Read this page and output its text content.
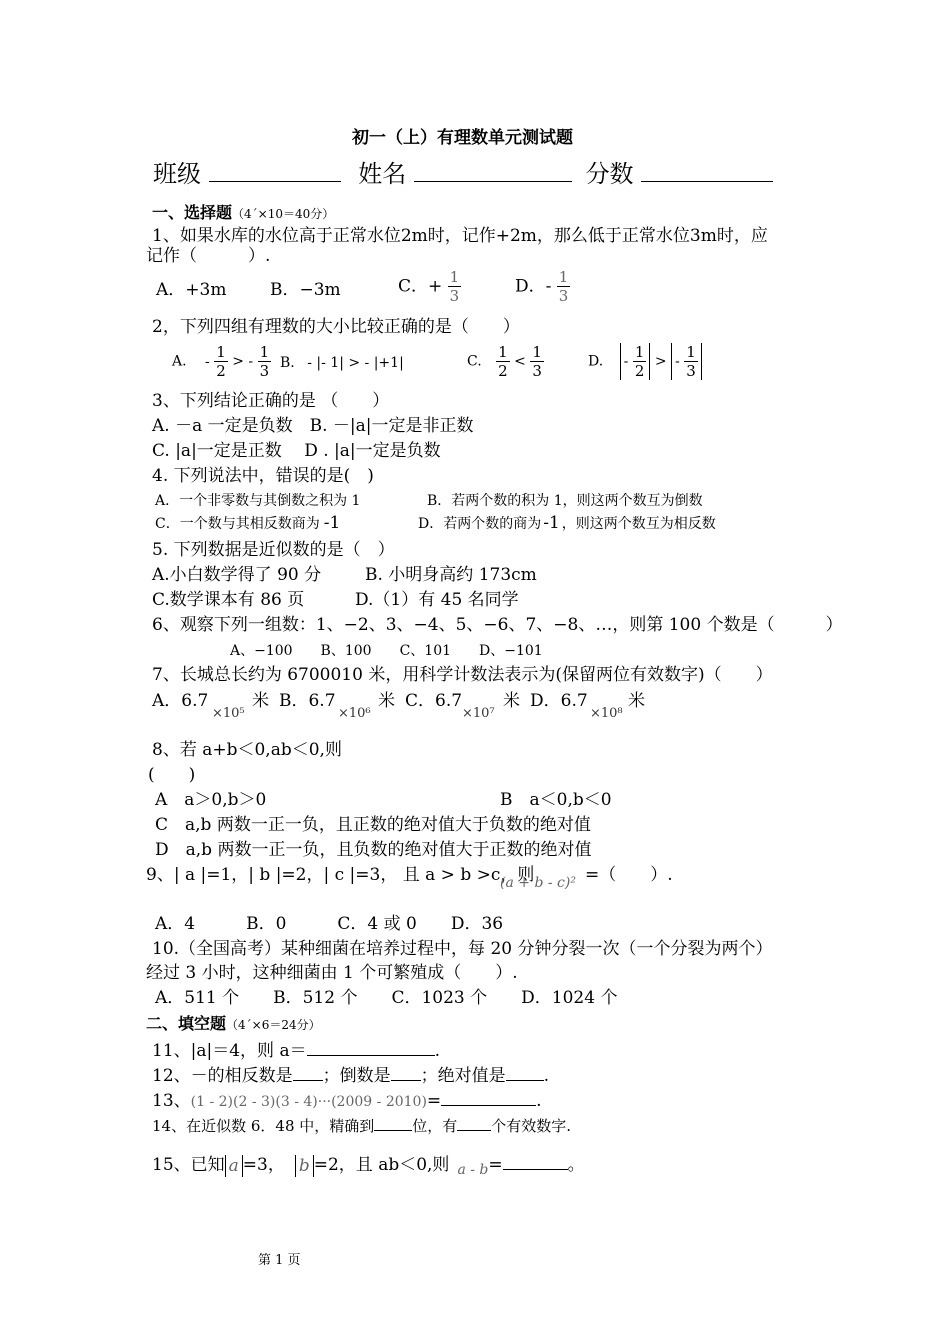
初一（上）有理数单元测试题
班级	姓名	分数
一、选择题（4´×10＝40分）
1、如果水库的水位高于正常水位2m时，记作+2m，那么低于正常水位3m时，应
记作（　　　）.
A．+3m	B．−3m	C．+ $\frac{1}{3}$	D．- $\frac{1}{3}$
2，下列四组有理数的大小比较正确的是（　　）
A. - $\frac{1}{2}$ > - $\frac{1}{3} B$. - |- 1| > - |+1|	C. $\frac{1}{2} < \frac{1}{3}$	D. - $\frac{1}{2}$ > - $\frac{1}{3}$
3、下列结论正确的是 （　　）
A. －a 一定是负数　B. －|a|一定是非正数
C. |a|一定是正数　 D . |a|一定是负数
4. 下列说法中，错误的是(　)
A．一个非零数与其倒数之积为 1	B．若两个数的积为 1，则这两个数互为倒数
C．一个数与其相反数商为 -1	D．若两个数的商为 -1 ，则这两个数互为相反数
5. 下列数据是近似数的是（　）
A.小白数学得了 90 分	B. 小明身高约 173cm
C.数学课本有 86 页	D.（1）有 45 名同学
6、观察下列一组数：1、−2、3、−4、5、−6、7、−8、…，则第 100 个数是（　　　）
A、−100　　B、100　　C、101　　D、−101
7、长城总长约为 6700010 米，用科学计数法表示为(保留两位有效数字)（　　）
A．6.7
×10⁵
米 B．6.7
×10⁶
米 C．6.7
×10⁷
米 D．6.7
×10⁸
米
8、若 a+b＜0,ab＜0,则
(　　)
A　a＞0,b＞0	B　a＜0,b＜0
C　a,b 两数一正一负，且正数的绝对值大于负数的绝对值
D　a,b 两数一正一负，且负数的绝对值大于正数的绝对值
9、| a |=1，| b |=2，| c |=3， 且 a > b >c，则
(a + b - c)² =（　　）.
A．4　　　B．0　　　C．4 或 0　　D．36
10.（全国高考）某种细菌在培养过程中，每 20 分钟分裂一次（一个分裂为两个）
经过 3 小时，这种细菌由 1 个可繁殖成（　　）.
A．511 个　　B．512 个　　C．1023 个　　D．1024 个
二、填空题（4´×6＝24分）
11、|a|＝4，则 a＝	.
12、－的相反数是 ；倒数是 ；绝对值是 .
13、(1 - 2)(2 - 3)(3 - 4)···(2009 - 2010)=	.
14、在近似数 6．48 中，精确到	位，有 个有效数字.
15、已知 a =3， b =2，且 ab＜0,则 $_{a - b}$=	。
第 1 页
